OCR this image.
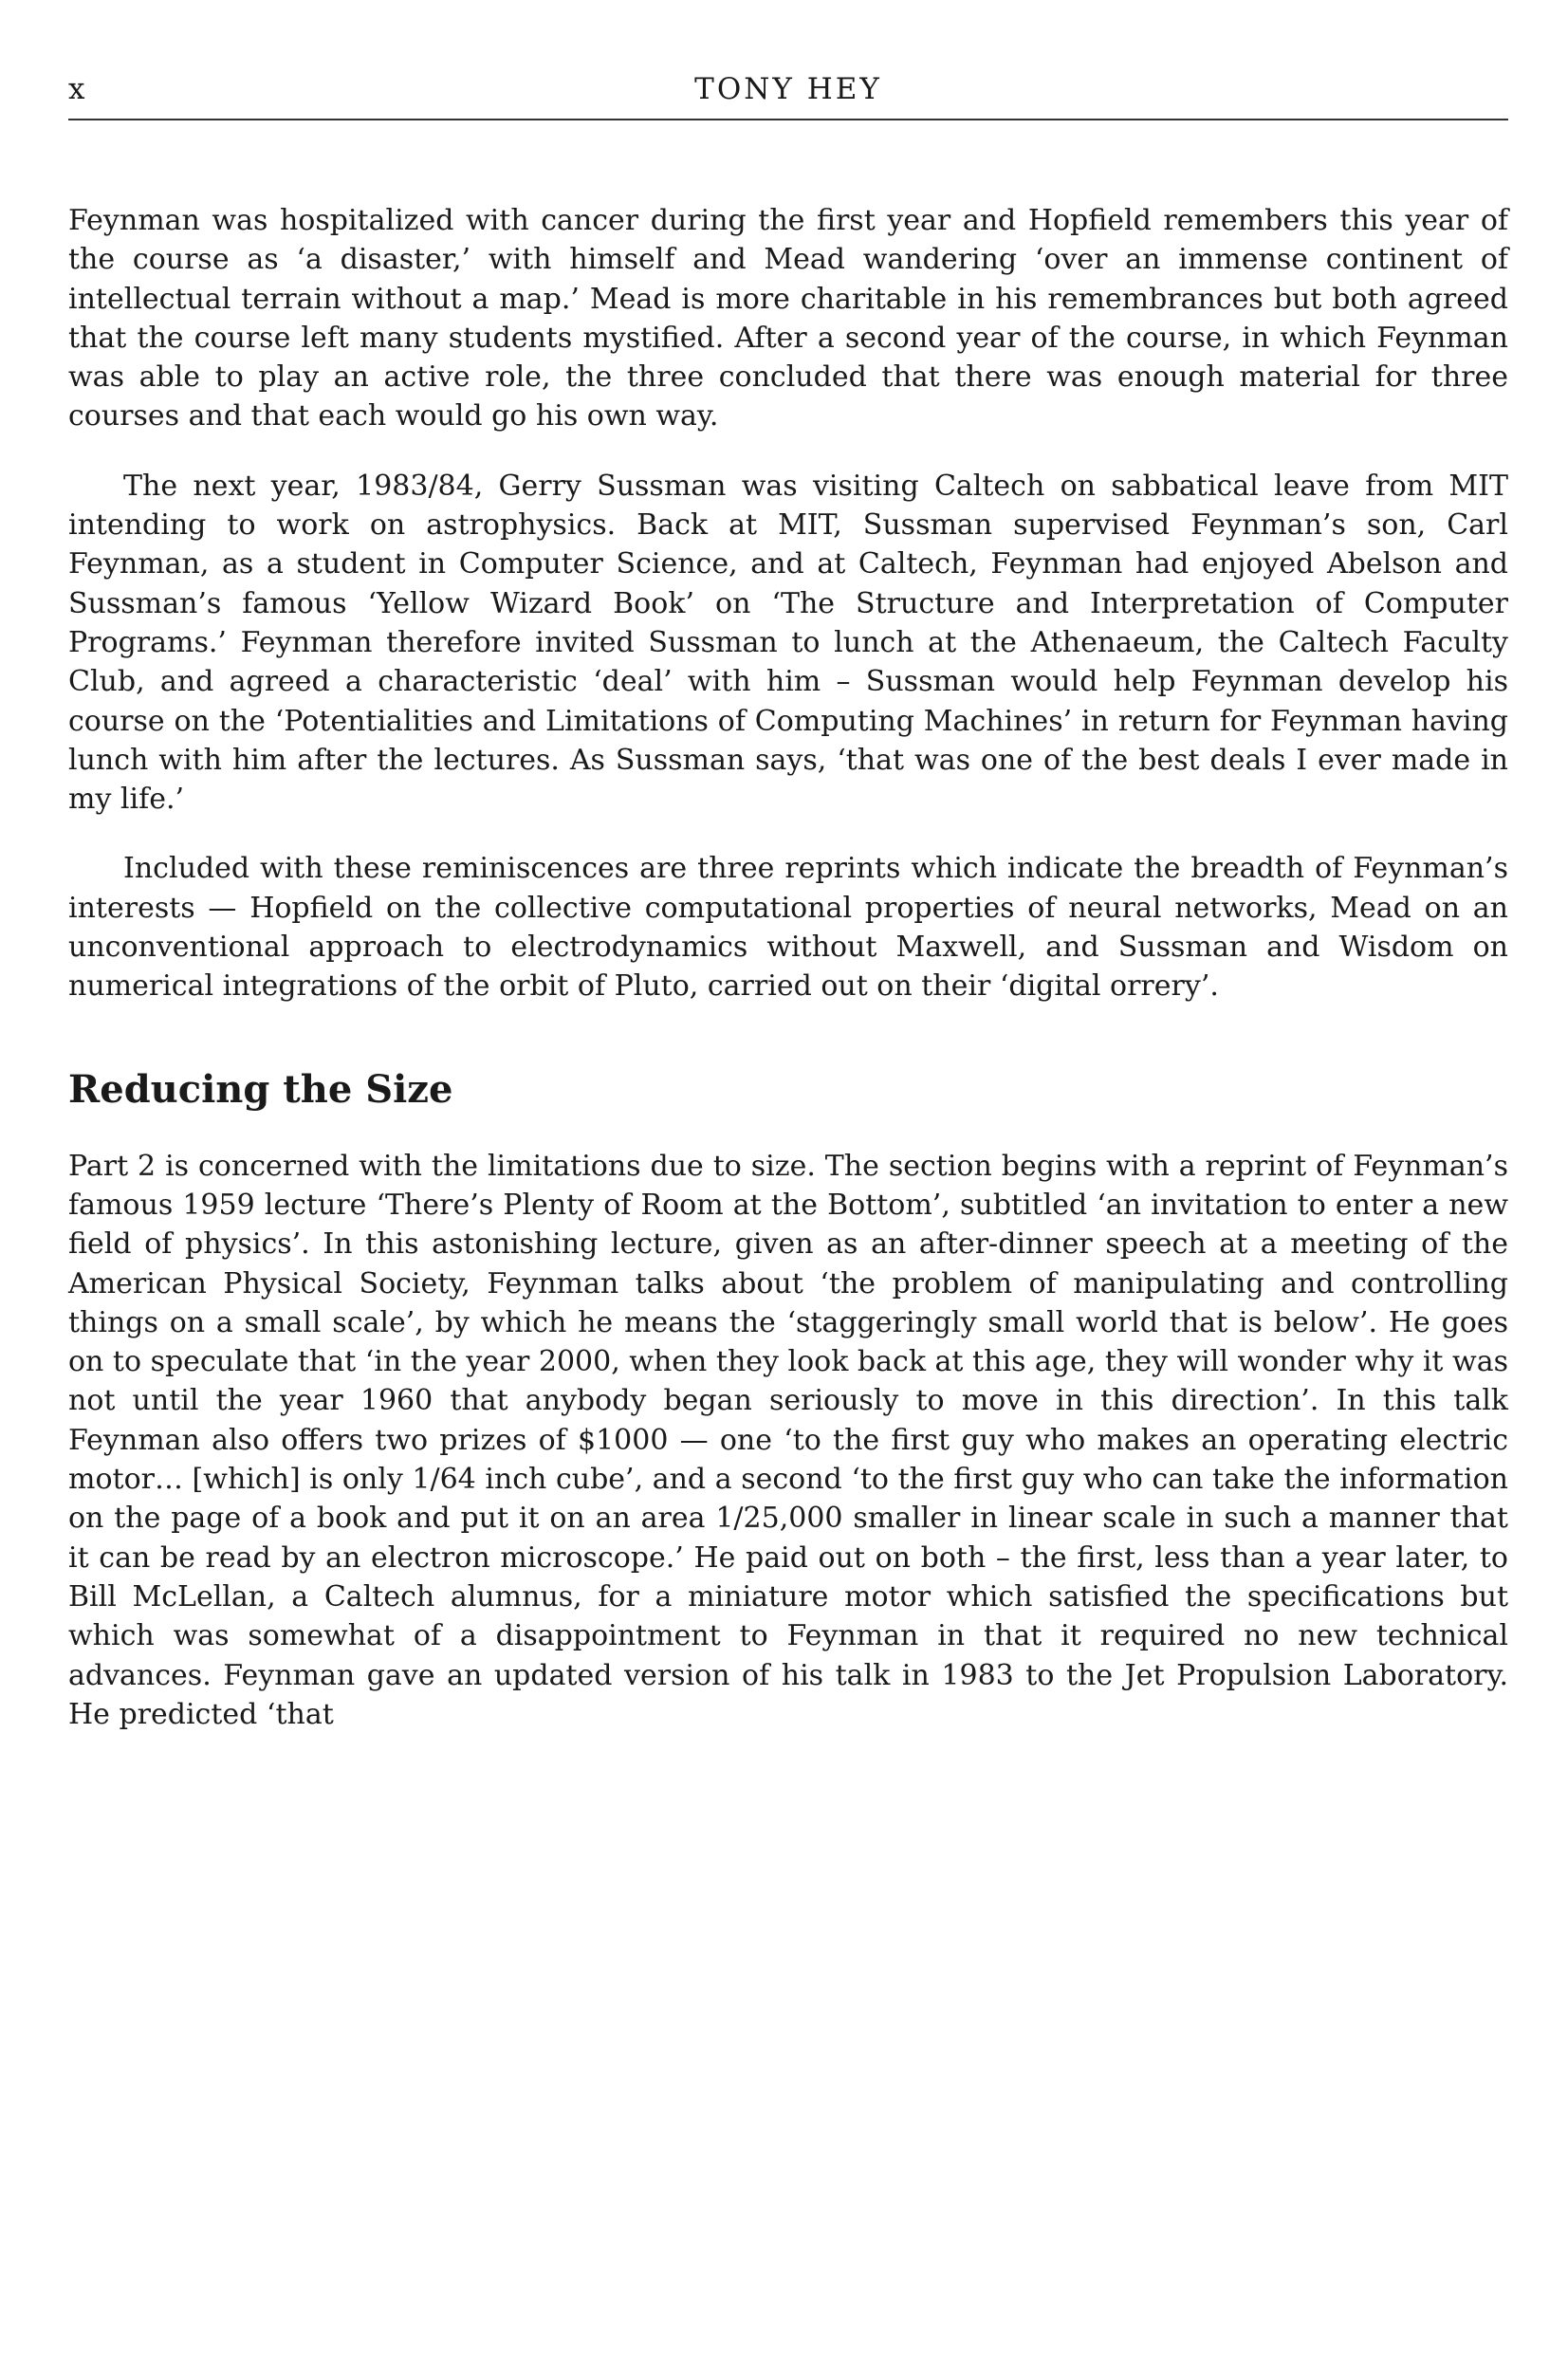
TONY HEY
x

Feynman was hospitalized with cancer during the first year and Hopfield remembers this year of the course as ‘a disaster,’ with himself and Mead wandering ‘over an immense continent of intellectual terrain without a map.’ Mead is more charitable in his remembrances but both agreed that the course left many students mystified. After a second year of the course, in which Feynman was able to play an active role, the three concluded that there was enough material for three courses and that each would go his own way.

The next year, 1983/84, Gerry Sussman was visiting Caltech on sabbatical leave from MIT intending to work on astrophysics. Back at MIT, Sussman supervised Feynman’s son, Carl Feynman, as a student in Computer Science, and at Caltech, Feynman had enjoyed Abelson and Sussman’s famous ‘Yellow Wizard Book’ on ‘The Structure and Interpretation of Computer Programs.’ Feynman therefore invited Sussman to lunch at the Athenaeum, the Caltech Faculty Club, and agreed a characteristic ‘deal’ with him – Sussman would help Feynman develop his course on the ‘Potentialities and Limitations of Computing Machines’ in return for Feynman having lunch with him after the lectures. As Sussman says, ‘that was one of the best deals I ever made in my life.’

Included with these reminiscences are three reprints which indicate the breadth of Feynman’s interests — Hopfield on the collective computational properties of neural networks, Mead on an unconventional approach to electrodynamics without Maxwell, and Sussman and Wisdom on numerical integrations of the orbit of Pluto, carried out on their ‘digital orrery’.

Reducing the Size

Part 2 is concerned with the limitations due to size. The section begins with a reprint of Feynman’s famous 1959 lecture ‘There’s Plenty of Room at the Bottom’, subtitled ‘an invitation to enter a new field of physics’. In this astonishing lecture, given as an after-dinner speech at a meeting of the American Physical Society, Feynman talks about ‘the problem of manipulating and controlling things on a small scale’, by which he means the ‘staggeringly small world that is below’. He goes on to speculate that ‘in the year 2000, when they look back at this age, they will wonder why it was not until the year 1960 that anybody began seriously to move in this direction’. In this talk Feynman also offers two prizes of $1000 — one ‘to the first guy who makes an operating electric motor… [which] is only 1/64 inch cube’, and a second ‘to the first guy who can take the information on the page of a book and put it on an area 1/25,000 smaller in linear scale in such a manner that it can be read by an electron microscope.’ He paid out on both – the first, less than a year later, to Bill McLellan, a Caltech alumnus, for a miniature motor which satisfied the specifications but which was somewhat of a disappointment to Feynman in that it required no new technical advances. Feynman gave an updated version of his talk in 1983 to the Jet Propulsion Laboratory. He predicted ‘that
